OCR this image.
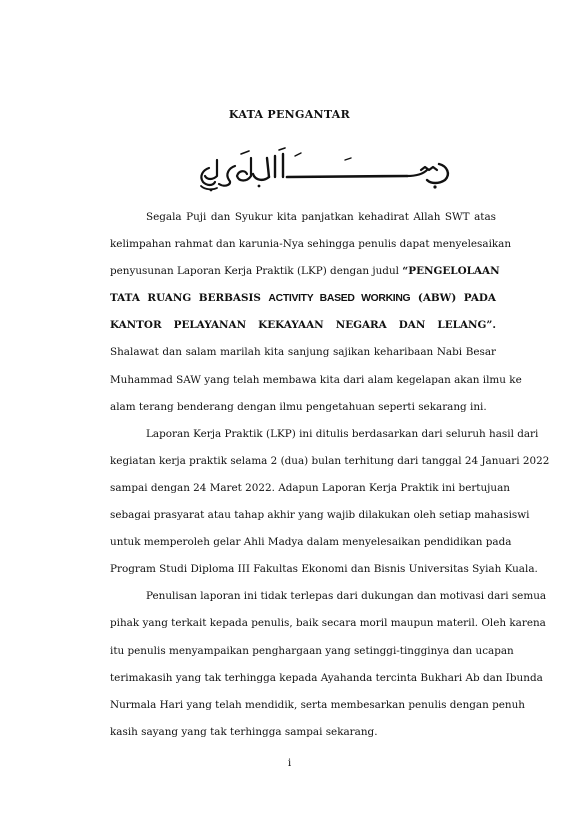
KATA PENGANTAR
بِسْمِ اللَّهِ الرَّحْمَٰنِ الرَّحِيمِ

Segala Puji dan Syukur kita panjatkan kehadirat Allah SWT atas
kelimpahan rahmat dan karunia-Nya sehingga penulis dapat menyelesaikan
penyusunan Laporan Kerja Praktik (LKP) dengan judul “PENGELOLAAN
TATA RUANG BERBASIS ACTIVITY BASED WORKING (ABW) PADA
KANTOR PELAYANAN KEKAYAAN NEGARA DAN LELANG”.
Shalawat dan salam marilah kita sanjung sajikan keharibaan Nabi Besar
Muhammad SAW yang telah membawa kita dari alam kegelapan akan ilmu ke
alam terang benderang dengan ilmu pengetahuan seperti sekarang ini.

Laporan Kerja Praktik (LKP) ini ditulis berdasarkan dari seluruh hasil dari
kegiatan kerja praktik selama 2 (dua) bulan terhitung dari tanggal 24 Januari 2022
sampai dengan 24 Maret 2022. Adapun Laporan Kerja Praktik ini bertujuan
sebagai prasyarat atau tahap akhir yang wajib dilakukan oleh setiap mahasiswi
untuk memperoleh gelar Ahli Madya dalam menyelesaikan pendidikan pada
Program Studi Diploma III Fakultas Ekonomi dan Bisnis Universitas Syiah Kuala.

Penulisan laporan ini tidak terlepas dari dukungan dan motivasi dari semua
pihak yang terkait kepada penulis, baik secara moril maupun materil. Oleh karena
itu penulis menyampaikan penghargaan yang setinggi-tingginya dan ucapan
terimakasih yang tak terhingga kepada Ayahanda tercinta Bukhari Ab dan Ibunda
Nurmala Hari yang telah mendidik, serta membesarkan penulis dengan penuh
kasih sayang yang tak terhingga sampai sekarang.

i
